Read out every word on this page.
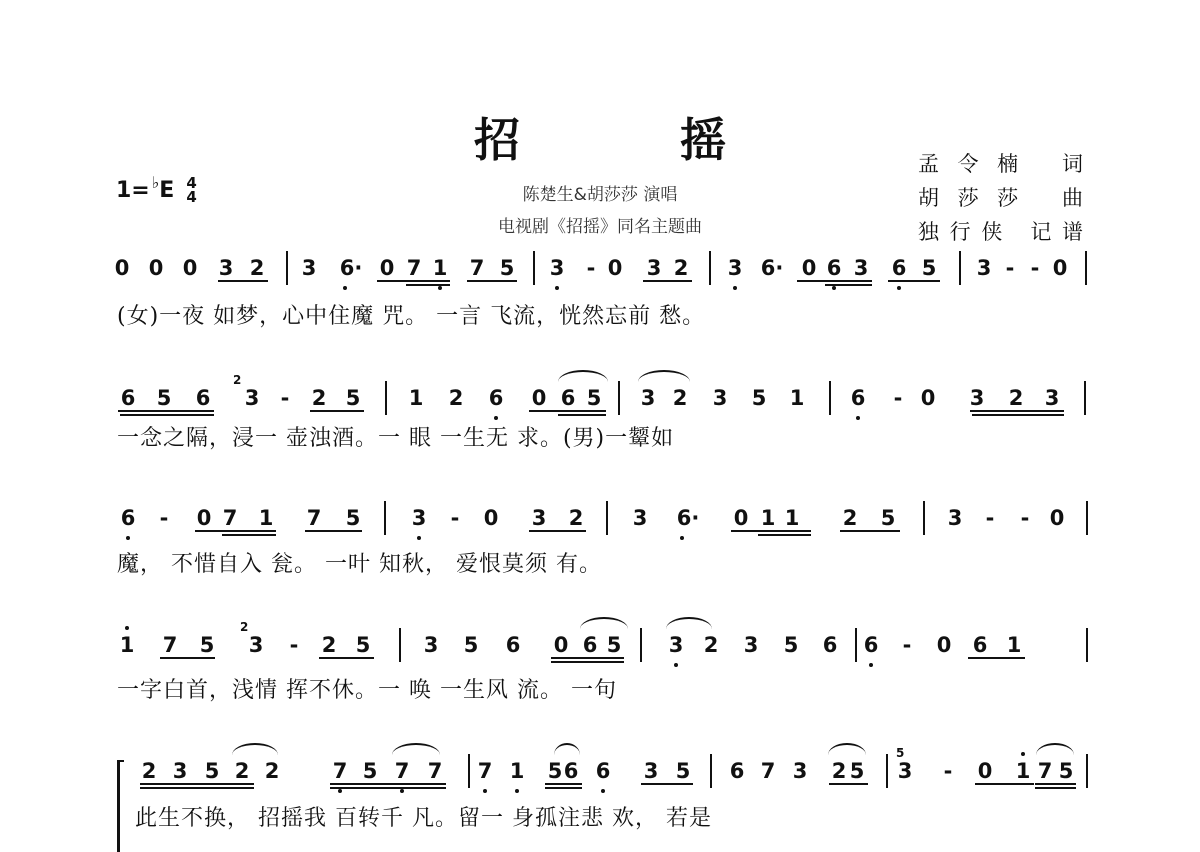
招 摇
陈楚生&胡莎莎 演唱
电视剧《招摇》同名主题曲
孟令楠 词
胡莎莎 曲
独行侠 记谱
1= ♭ E 4
4
0 0 0 3 2 3 6· 0 7 1 7 5 3 - 0 3 2 3 6· 0 6 3 6 5 3 - - 0
(女)一夜 如梦，心中住魔 咒。 一言 飞流，恍然忘前 愁。
6 5 6 3 - 2 5 1 2 6 0 6 5 3 2 3 5 1 6 - 0 3 2 3
2
一念之隔，浸一 壶浊酒。一 眼 一生无 求。(男)一颦如
6 - 0 7 1 7 5 3 - 0 3 2 3 6· 0 1 1 2 5 3 - - 0
魔， 不惜自入 瓮。 一叶 知秋， 爱恨莫须 有。
1 7 5 3 - 2 5	3 5 6 0 6 5 3 2 3 5 6 6 - 0 6 1
2
一字白首，浅情 挥不休。一 唤 一生风 流。 一句
2 3 5 2 2	7 5 7 7 7 1 5 6 6 3 5 6 7 3 2 5 3 - 0 1 7 5
5
此生不换， 招摇我 百转千 凡。留一 身孤注悲 欢， 若是
